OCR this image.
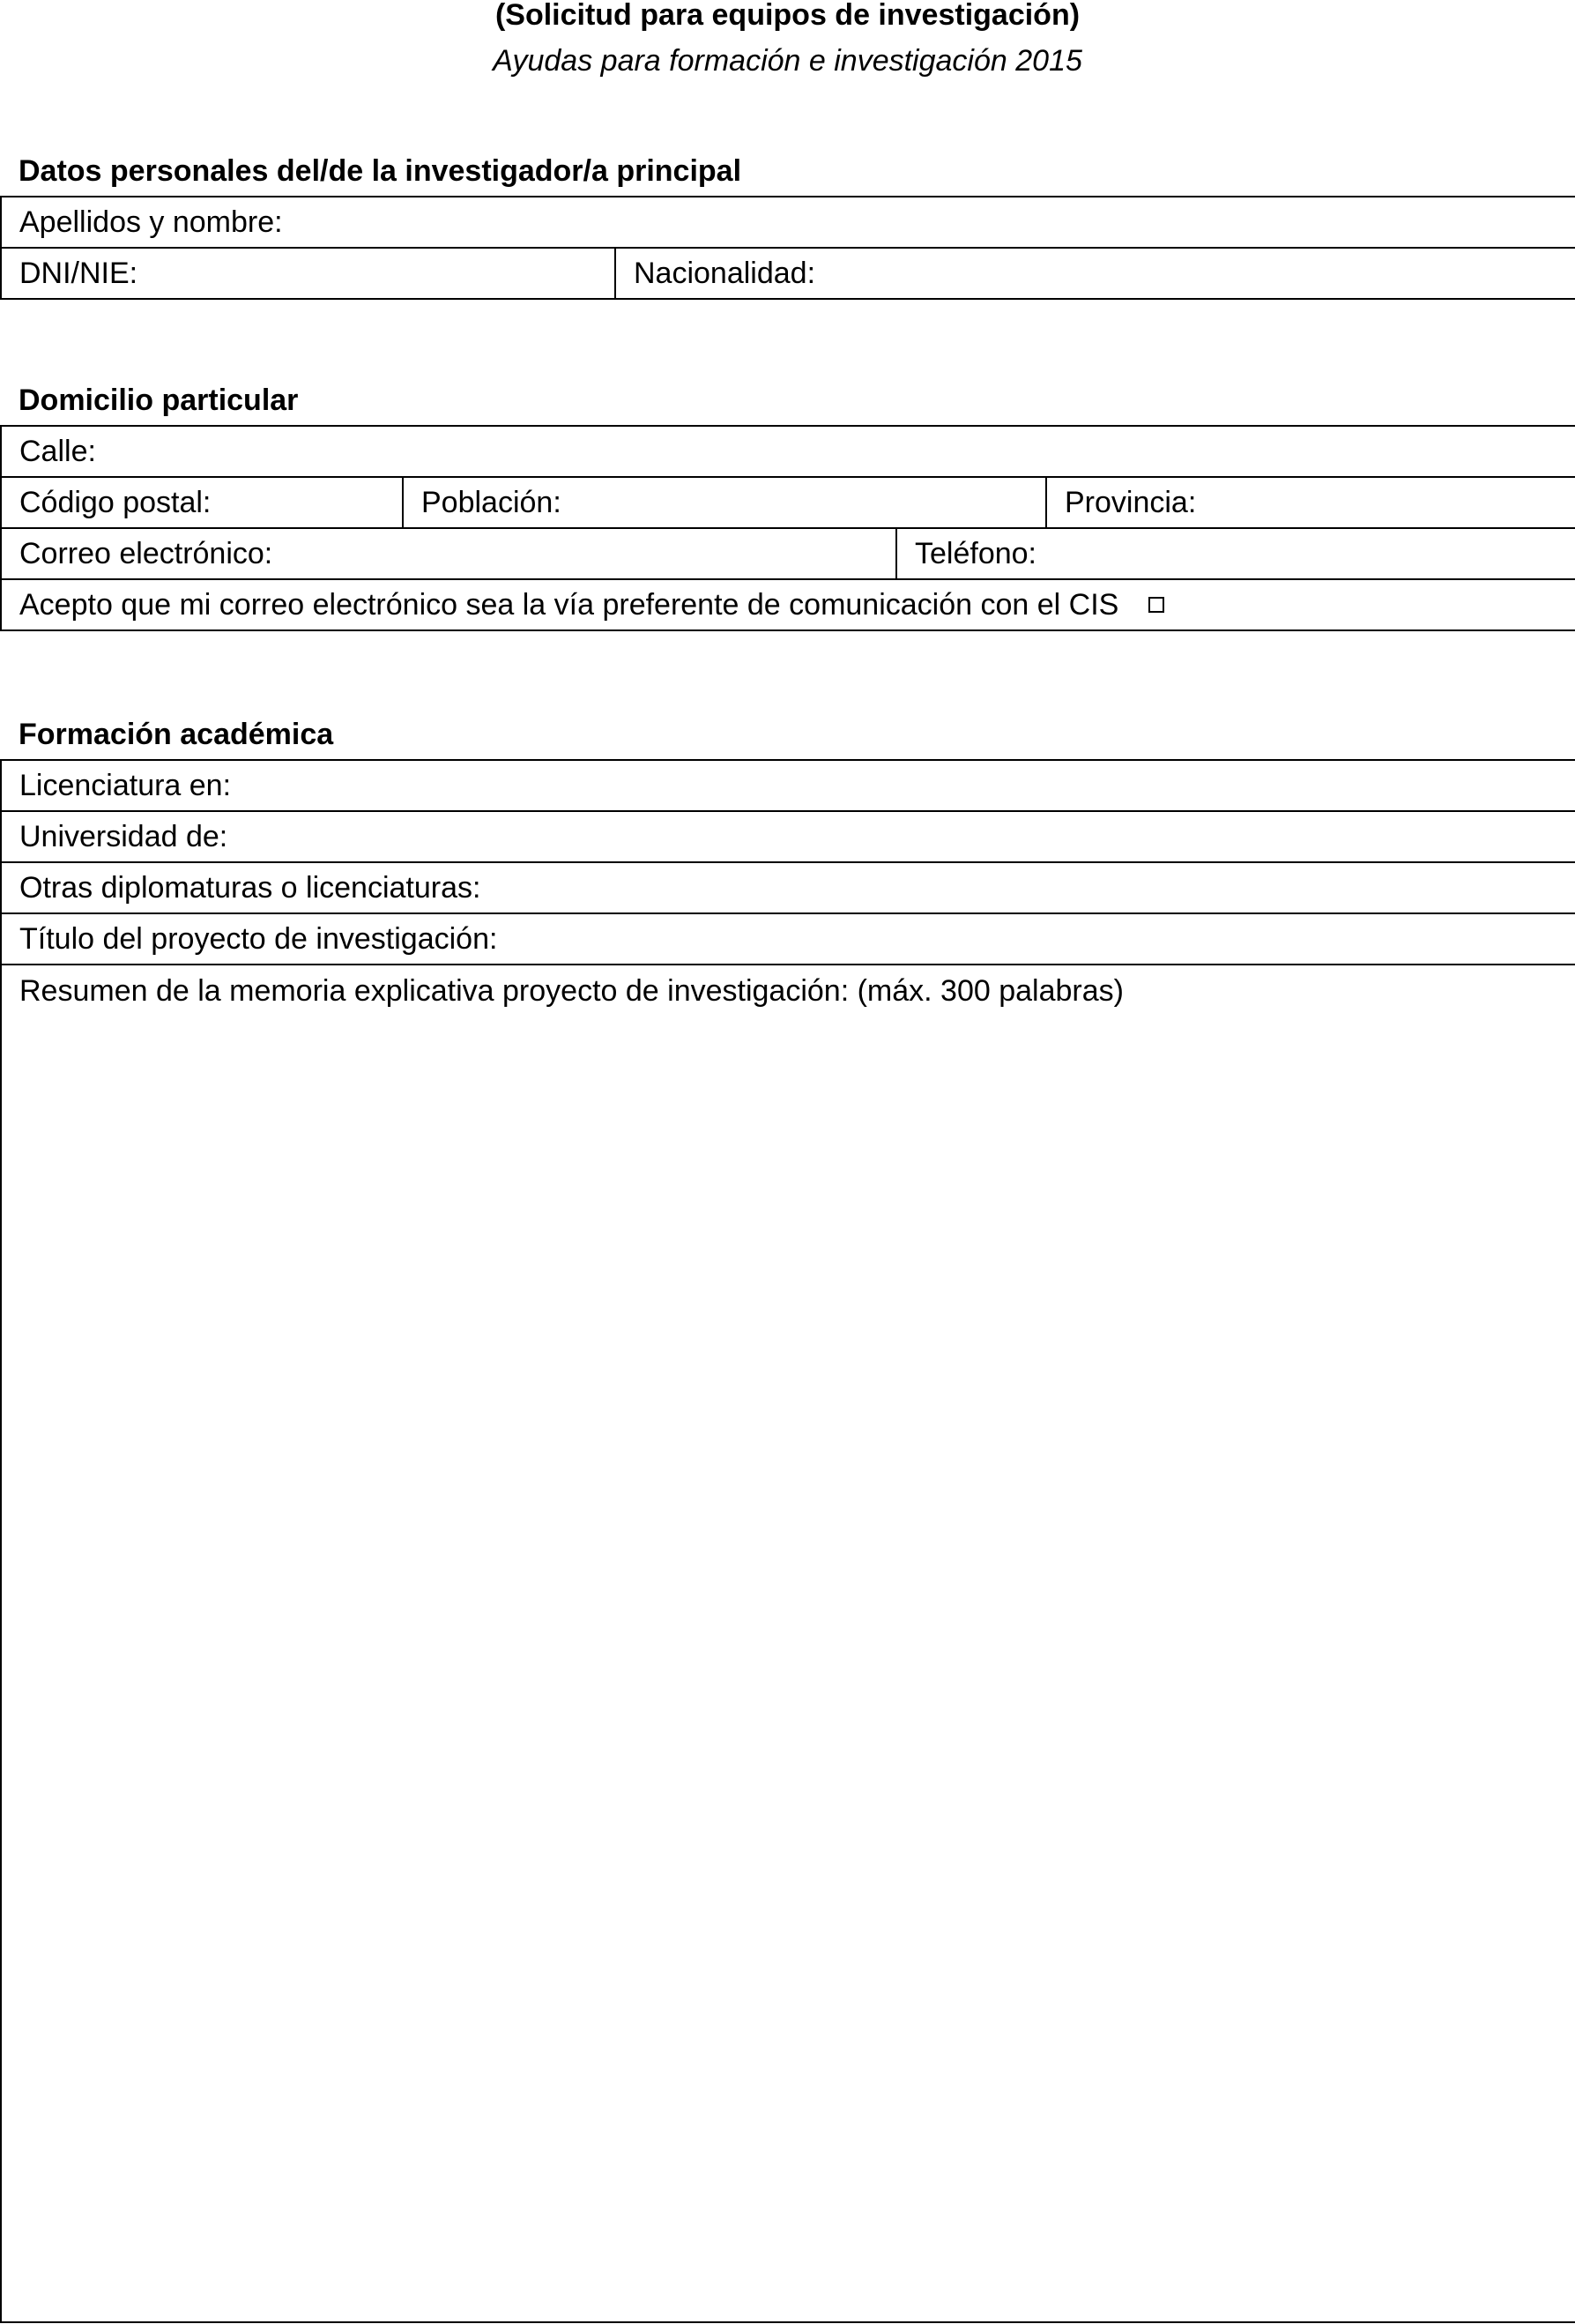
(Solicitud para equipos de investigación)

Ayudas para formación e investigación 2015

Datos personales del/de la investigador/a principal
Apellidos y nombre:
DNI/NIE:	Nacionalidad:
Domicilio particular
Calle:			
Código postal:	Población:		Provincia:
Correo electrónico:		Teléfono:	
Acepto que mi correo electrónico sea la vía preferente de comunicación con el CIS			
Formación académica
Licenciatura en:
Universidad de:
Otras diplomaturas o licenciaturas:
Título del proyecto de investigación:
Resumen de la memoria explicativa proyecto de investigación: (máx. 300 palabras)
